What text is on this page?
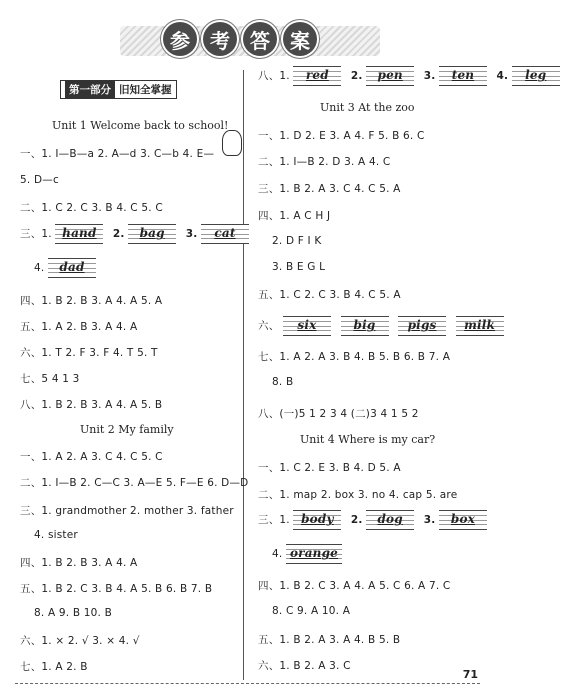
参	考	答	案
第一部分 旧知全掌握
Unit 1 Welcome back to school!
一、1. I—B—a 2. A—d 3. C—b 4. E—
5. D—c
二、1. C 2. C 3. B 4. C 5. C
三、1. hand 2. bag 3. cat
4. dad
四、1. B 2. B 3. A 4. A 5. A
五、1. A 2. B 3. A 4. A
六、1. T 2. F 3. F 4. T 5. T
七、5 4 1 3
八、1. B 2. B 3. A 4. A 5. B
Unit 2 My family
一、1. A 2. A 3. C 4. C 5. C
二、1. I—B 2. C—C 3. A—E 5. F—E 6. D—D
三、1. grandmother 2. mother 3. father
4. sister
四、1. B 2. B 3. A 4. A
五、1. B 2. C 3. B 4. A 5. B 6. B 7. B
8. A 9. B 10. B
六、1. × 2. √ 3. × 4. √
七、1. A 2. B
八、1. red 2. pen 3. ten 4. leg
Unit 3 At the zoo
一、1. D 2. E 3. A 4. F 5. B 6. C
二、1. I—B 2. D 3. A 4. C
三、1. B 2. A 3. C 4. C 5. A
四、1. A C H J
2. D F I K
3. B E G L
五、1. C 2. C 3. B 4. C 5. A
六、 six	big	pigs milk
七、1. A 2. A 3. B 4. B 5. B 6. B 7. A
8. B
八、(一)5 1 2 3 4 (二)3 4 1 5 2
Unit 4 Where is my car?
一、1. C 2. E 3. B 4. D 5. A
二、1. map 2. box 3. no 4. cap 5. are
三、1. body 2. dog 3. box
4. orange
四、1. B 2. C 3. A 4. A 5. C 6. A 7. C
8. C 9. A 10. A
五、1. B 2. A 3. A 4. B 5. B
六、1. B 2. A 3. C
71
